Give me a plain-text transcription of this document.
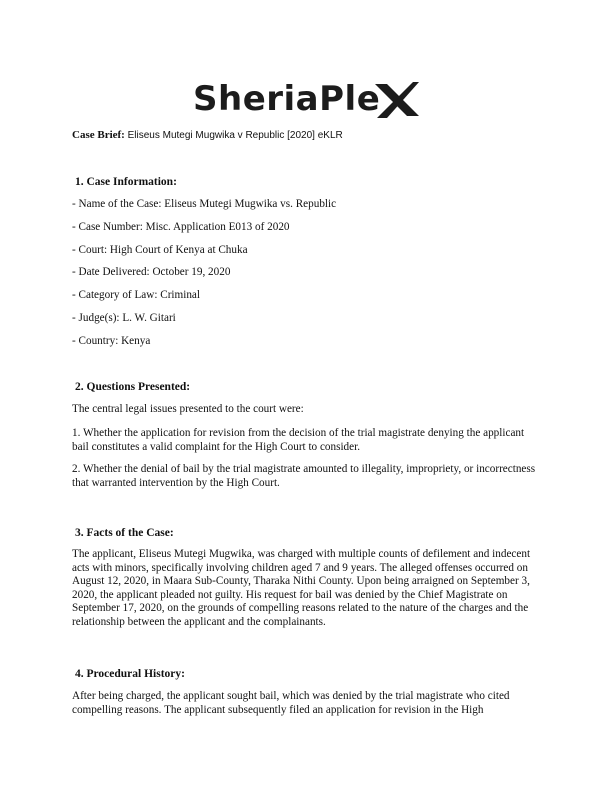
SheriaPle
Case Brief: Eliseus Mutegi Mugwika v Republic [2020] eKLR
1. Case Information:
- Name of the Case: Eliseus Mutegi Mugwika vs. Republic
- Case Number: Misc. Application E013 of 2020
- Court: High Court of Kenya at Chuka
- Date Delivered: October 19, 2020
- Category of Law: Criminal
- Judge(s): L. W. Gitari
- Country: Kenya
2. Questions Presented:
The central legal issues presented to the court were:
1. Whether the application for revision from the decision of the trial magistrate denying the applicant bail constitutes a valid complaint for the High Court to consider.
2. Whether the denial of bail by the trial magistrate amounted to illegality, impropriety, or incorrectness that warranted intervention by the High Court.
3. Facts of the Case:
The applicant, Eliseus Mutegi Mugwika, was charged with multiple counts of defilement and indecent acts with minors, specifically involving children aged 7 and 9 years. The alleged offenses occurred on August 12, 2020, in Maara Sub-County, Tharaka Nithi County. Upon being arraigned on September 3, 2020, the applicant pleaded not guilty. His request for bail was denied by the Chief Magistrate on September 17, 2020, on the grounds of compelling reasons related to the nature of the charges and the relationship between the applicant and the complainants.
4. Procedural History:
After being charged, the applicant sought bail, which was denied by the trial magistrate who cited compelling reasons. The applicant subsequently filed an application for revision in the High
